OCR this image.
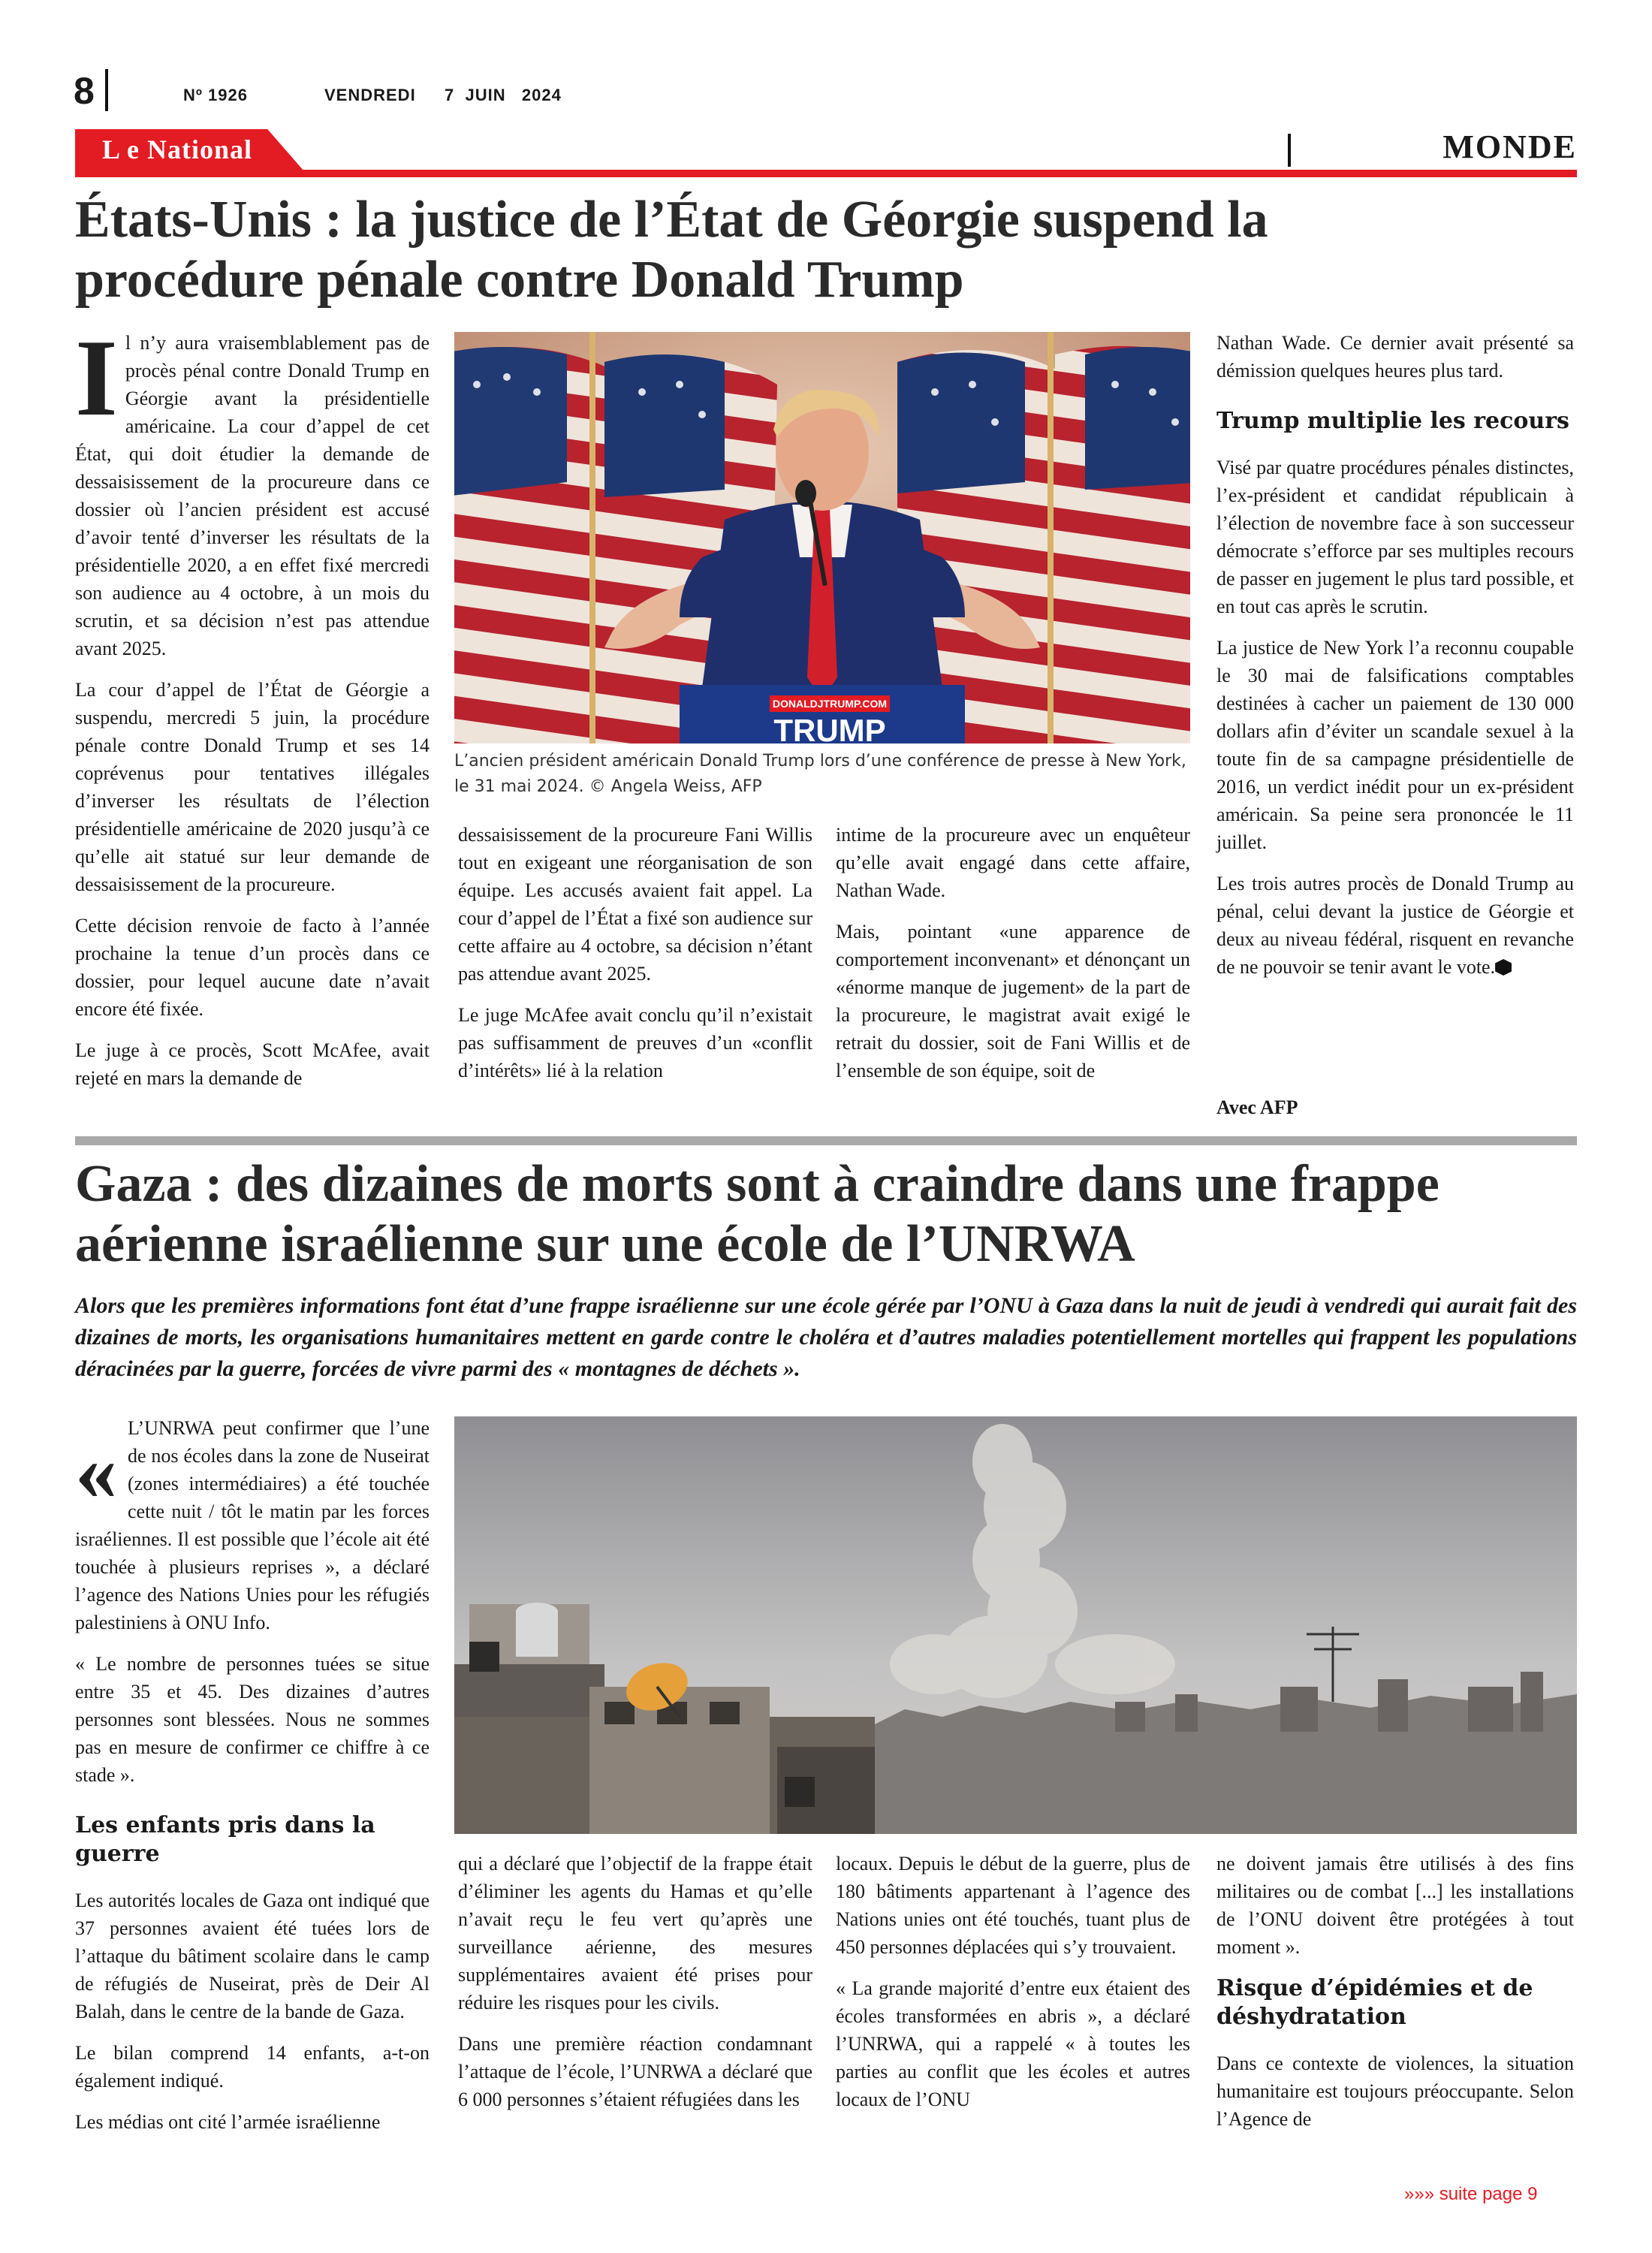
8	Nº 1926	VENDREDI 7  JUIN   2024
L e National	MONDE
États-Unis : la justice de l’État de Géorgie suspend la
procédure pénale contre Donald Trump

Il n’y aura vraisemblablement pas de procès pénal contre Donald Trump en Géorgie avant la présidentielle américaine. La cour d’appel de cet État, qui doit étudier la demande de dessaisissement de la procureure dans ce dossier où l’ancien président est accusé d’avoir tenté d’inverser les résultats de la présidentielle 2020, a en effet fixé mercredi son audience au 4 octobre, à un mois du scrutin, et sa décision n’est pas attendue avant 2025.

La cour d’appel de l’État de Géorgie a suspendu, mercredi 5 juin, la procédure pénale contre Donald Trump et ses 14 coprévenus pour tentatives illégales d’inverser les résultats de l’élection présidentielle américaine de 2020 jusqu’à ce qu’elle ait statué sur leur demande de dessaisissement de la procureure.

Cette décision renvoie de facto à l’année prochaine la tenue d’un procès dans ce dossier, pour lequel aucune date n’avait encore été fixée.

Le juge à ce procès, Scott McAfee, avait rejeté en mars la demande de

DONALDJTRUMP.COM
TRUMP
L’ancien président américain Donald Trump lors d’une conférence de presse à New York, le 31 mai 2024. © Angela Weiss, AFP

dessaisissement de la procureure Fani Willis tout en exigeant une réorganisation de son équipe. Les accusés avaient fait appel. La cour d’appel de l’État a fixé son audience sur cette affaire au 4 octobre, sa décision n’étant pas attendue avant 2025.

Le juge McAfee avait conclu qu’il n’existait pas suffisamment de preuves d’un «conflit d’intérêts» lié à la relation

intime de la procureure avec un enquêteur qu’elle avait engagé dans cette affaire, Nathan Wade.

Mais, pointant «une apparence de comportement inconvenant» et dénonçant un «énorme manque de jugement» de la part de la procureure, le magistrat avait exigé le retrait du dossier, soit de Fani Willis et de l’ensemble de son équipe, soit de

Nathan Wade. Ce dernier avait présenté sa démission quelques heures plus tard.

Trump multiplie les recours

Visé par quatre procédures pénales distinctes, l’ex-président et candidat républicain à l’élection de novembre face à son successeur démocrate s’efforce par ses multiples recours de passer en jugement le plus tard possible, et en tout cas après le scrutin.

La justice de New York l’a reconnu coupable le 30 mai de falsifications comptables destinées à cacher un paiement de 130 000 dollars afin d’éviter un scandale sexuel à la toute fin de sa campagne présidentielle de 2016, un verdict inédit pour un ex-président américain. Sa peine sera prononcée le 11 juillet.

Les trois autres procès de Donald Trump au pénal, celui devant la justice de Géorgie et deux au niveau fédéral, risquent en revanche de ne pouvoir se tenir avant le vote.

Avec AFP
Gaza : des dizaines de morts sont à craindre dans une frappe
aérienne israélienne sur une école de l’UNRWA
Alors que les premières informations font état d’une frappe israélienne sur une école gérée par l’ONU à Gaza dans la nuit de jeudi à vendredi qui aurait fait des dizaines de morts, les organisations humanitaires mettent en garde contre le choléra et d’autres maladies potentiellement mortelles qui frappent les populations déracinées par la guerre, forcées de vivre parmi des « montagnes de déchets ».

« L’UNRWA peut confirmer que l’une de nos écoles dans la zone de Nuseirat (zones intermédiaires) a été touchée cette nuit / tôt le matin par les forces israéliennes. Il est possible que l’école ait été touchée à plusieurs reprises », a déclaré l’agence des Nations Unies pour les réfugiés palestiniens à ONU Info.

« Le nombre de personnes tuées se situe entre 35 et 45. Des dizaines d’autres personnes sont blessées. Nous ne sommes pas en mesure de confirmer ce chiffre à ce stade ».

Les enfants pris dans la guerre

Les autorités locales de Gaza ont indiqué que 37 personnes avaient été tuées lors de l’attaque du bâtiment scolaire dans le camp de réfugiés de Nuseirat, près de Deir Al Balah, dans le centre de la bande de Gaza.

Le bilan comprend 14 enfants, a-t-on également indiqué.

Les médias ont cité l’armée israélienne

qui a déclaré que l’objectif de la frappe était d’éliminer les agents du Hamas et qu’elle n’avait reçu le feu vert qu’après une surveillance aérienne, des mesures supplémentaires avaient été prises pour réduire les risques pour les civils.

Dans une première réaction condamnant l’attaque de l’école, l’UNRWA a déclaré que 6 000 personnes s’étaient réfugiées dans les

locaux. Depuis le début de la guerre, plus de 180 bâtiments appartenant à l’agence des Nations unies ont été touchés, tuant plus de 450 personnes déplacées qui s’y trouvaient.

« La grande majorité d’entre eux étaient des écoles transformées en abris », a déclaré l’UNRWA, qui a rappelé « à toutes les parties au conflit que les écoles et autres locaux de l’ONU

ne doivent jamais être utilisés à des fins militaires ou de combat [...] les installations de l’ONU doivent être protégées à tout moment ».

Risque d’épidémies et de déshydratation

Dans ce contexte de violences, la situation humanitaire est toujours préoccupante. Selon l’Agence de

»»» suite page 9
